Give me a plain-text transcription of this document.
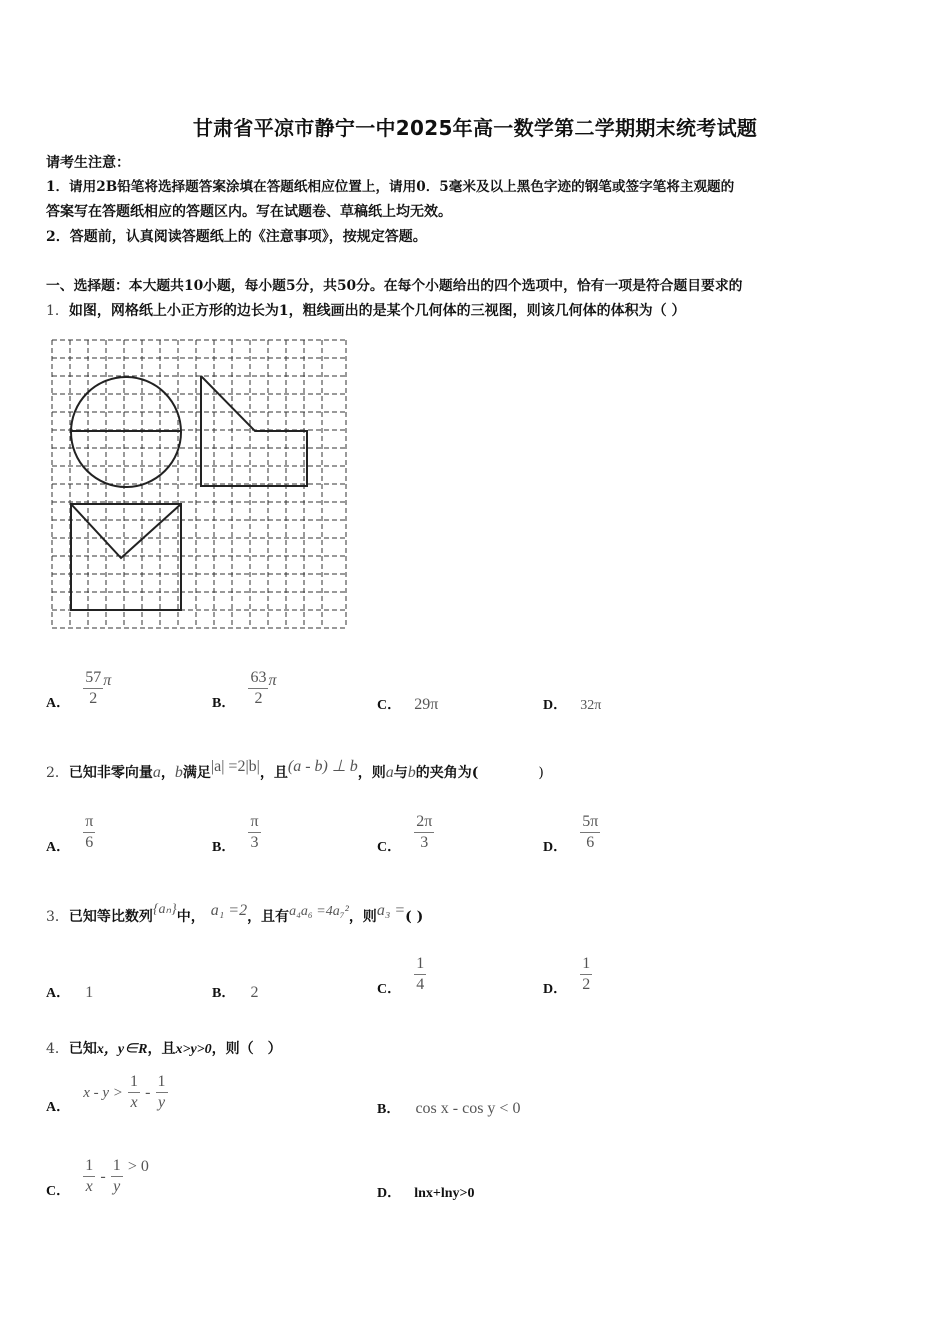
甘肃省平凉市静宁一中2025年高一数学第二学期期末统考试题
请考生注意：
1．请用2B铅笔将选择题答案涂填在答题纸相应位置上，请用0．5毫米及以上黑色字迹的钢笔或签字笔将主观题的
答案写在答题纸相应的答题区内。写在试题卷、草稿纸上均无效。
2．答题前，认真阅读答题纸上的《注意事项》，按规定答题。
一、选择题：本大题共10小题，每小题5分，共50分。在每个小题给出的四个选项中，恰有一项是符合题目要求的
1．如图，网格纸上小正方形的边长为1，粗线画出的是某个几何体的三视图，则该几何体的体积为（ ）
A． $\frac{57}{2}$ π
B． $\frac{63}{2}$ π
C． 29π	D． 32π
2．已知非零向量a，b满足|a| =2|b|，且(a - b) ⊥ b，则a与b的夹角为(	)
A． $\frac{\pi}{6}$	B． $\frac{\pi}{3}$	C． $\frac{2\pi}{3}$	D． $\frac{5\pi}{6}$
3．已知等比数列{aₙ}中， a₁ =2，且有a₄a₆ =4a₇²，则a₃ =( )
A． 1	B． 2	C． $\frac{1}{4}$	D． $\frac{1}{2}$
4．已知x，y∈R，且x>y>0，则（　）
A． $x - y > \frac{1}{x} - \frac{1}{y}$	B． cos x - cos y < 0
C． $\frac{1}{x} - \frac{1}{y} > 0$
D． lnx+lny>0
